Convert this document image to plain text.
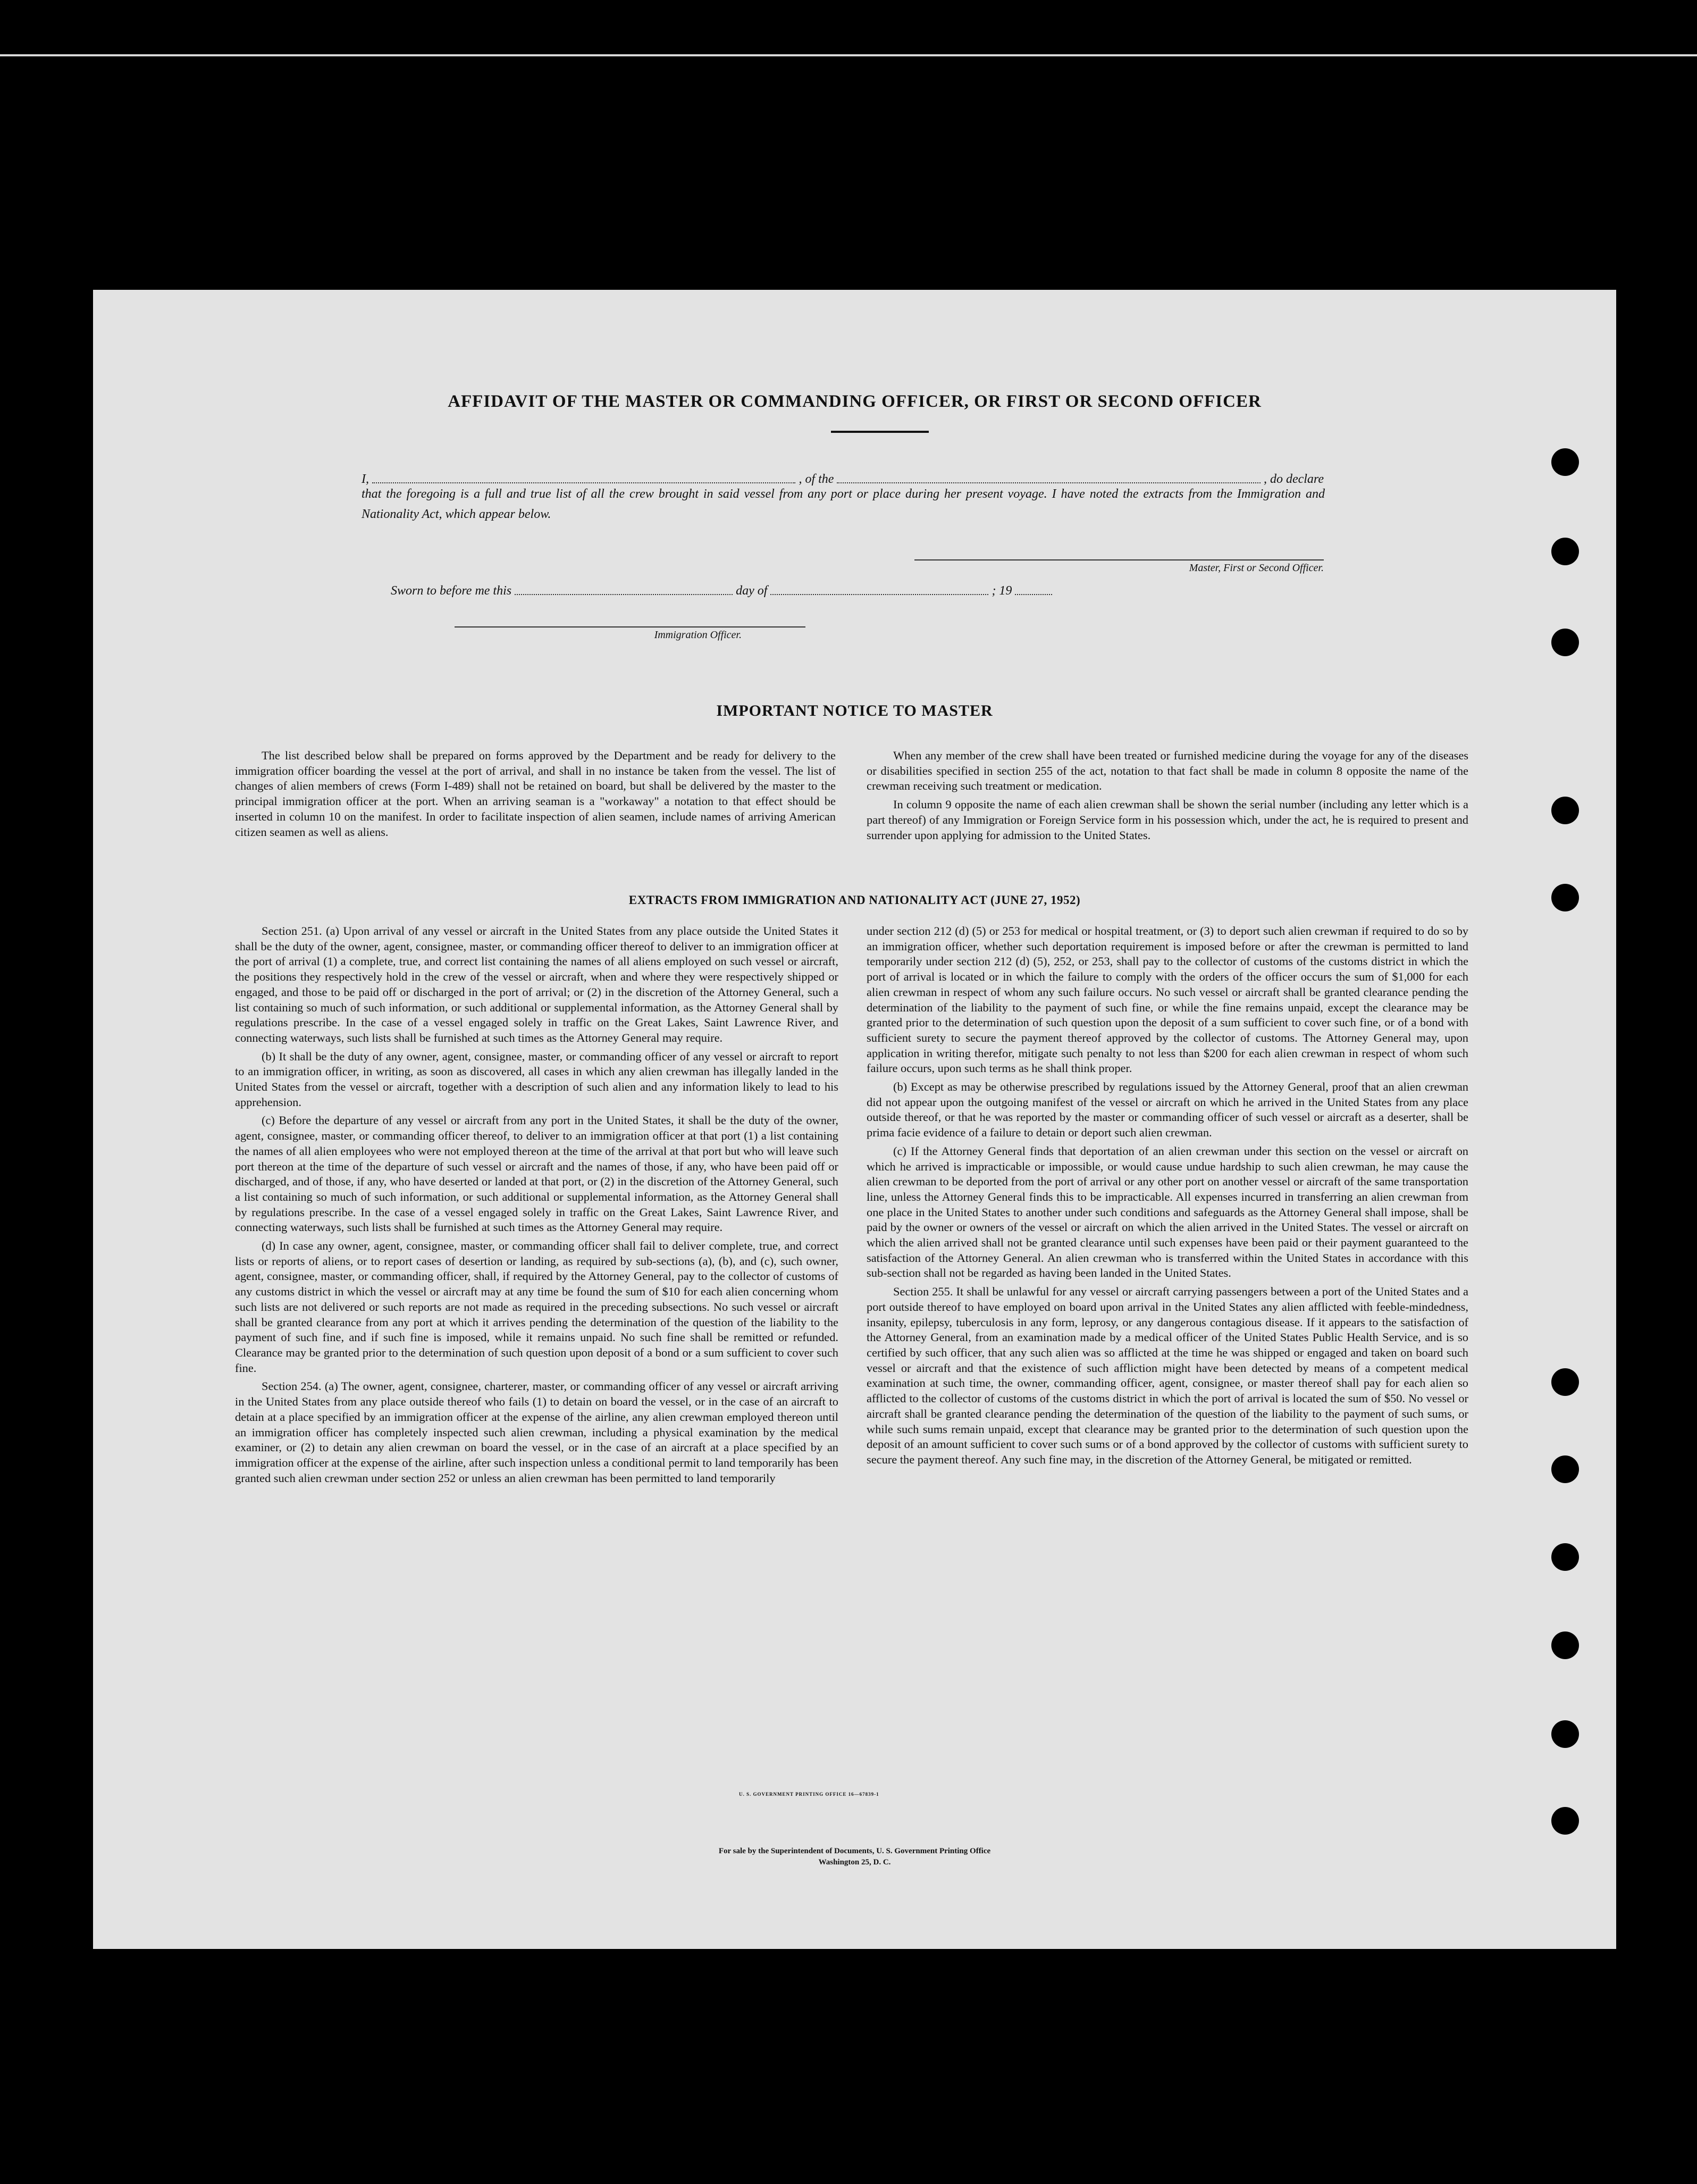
AFFIDAVIT OF THE MASTER OR COMMANDING OFFICER, OR FIRST OR SECOND OFFICER
I,	, of the	, do declare
that the foregoing is a full and true list of all the crew brought in said vessel from any port or place during her present voyage. I have noted the extracts from the Immigration and Nationality Act, which appear below.
Master, First or Second Officer.
Sworn to before me this	day of	; 19
Immigration Officer.
IMPORTANT NOTICE TO MASTER

The list described below shall be prepared on forms approved by the Department and be ready for delivery to the immigration officer boarding the vessel at the port of arrival, and shall in no instance be taken from the vessel. The list of changes of alien members of crews (Form I-489) shall not be retained on board, but shall be delivered by the master to the principal immigration officer at the port. When an arriving seaman is a "workaway" a notation to that effect should be inserted in column 10 on the manifest. In order to facilitate inspection of alien seamen, include names of arriving American citizen seamen as well as aliens.

When any member of the crew shall have been treated or furnished medicine during the voyage for any of the diseases or disabilities specified in section 255 of the act, notation to that fact shall be made in column 8 opposite the name of the crewman receiving such treatment or medication.

In column 9 opposite the name of each alien crewman shall be shown the serial number (including any letter which is a part thereof) of any Immigration or Foreign Service form in his possession which, under the act, he is required to present and surrender upon applying for admission to the United States.

EXTRACTS FROM IMMIGRATION AND NATIONALITY ACT (JUNE 27, 1952)

Section 251. (a) Upon arrival of any vessel or aircraft in the United States from any place outside the United States it shall be the duty of the owner, agent, consignee, master, or commanding officer thereof to deliver to an immigration officer at the port of arrival (1) a complete, true, and correct list containing the names of all aliens employed on such vessel or aircraft, the positions they respectively hold in the crew of the vessel or aircraft, when and where they were respectively shipped or engaged, and those to be paid off or discharged in the port of arrival; or (2) in the discretion of the Attorney General, such a list containing so much of such information, or such additional or supplemental information, as the Attorney General shall by regulations prescribe. In the case of a vessel engaged solely in traffic on the Great Lakes, Saint Lawrence River, and connecting waterways, such lists shall be furnished at such times as the Attorney General may require.

(b) It shall be the duty of any owner, agent, consignee, master, or commanding officer of any vessel or aircraft to report to an immigration officer, in writing, as soon as discovered, all cases in which any alien crewman has illegally landed in the United States from the vessel or aircraft, together with a description of such alien and any information likely to lead to his apprehension.

(c) Before the departure of any vessel or aircraft from any port in the United States, it shall be the duty of the owner, agent, consignee, master, or commanding officer thereof, to deliver to an immigration officer at that port (1) a list containing the names of all alien employees who were not employed thereon at the time of the arrival at that port but who will leave such port thereon at the time of the departure of such vessel or aircraft and the names of those, if any, who have been paid off or discharged, and of those, if any, who have deserted or landed at that port, or (2) in the discretion of the Attorney General, such a list containing so much of such information, or such additional or supplemental information, as the Attorney General shall by regulations prescribe. In the case of a vessel engaged solely in traffic on the Great Lakes, Saint Lawrence River, and connecting waterways, such lists shall be furnished at such times as the Attorney General may require.

(d) In case any owner, agent, consignee, master, or commanding officer shall fail to deliver complete, true, and correct lists or reports of aliens, or to report cases of desertion or landing, as required by sub-sections (a), (b), and (c), such owner, agent, consignee, master, or commanding officer, shall, if required by the Attorney General, pay to the collector of customs of any customs district in which the vessel or aircraft may at any time be found the sum of $10 for each alien concerning whom such lists are not delivered or such reports are not made as required in the preceding subsections. No such vessel or aircraft shall be granted clearance from any port at which it arrives pending the determination of the question of the liability to the payment of such fine, and if such fine is imposed, while it remains unpaid. No such fine shall be remitted or refunded. Clearance may be granted prior to the determination of such question upon deposit of a bond or a sum sufficient to cover such fine.

Section 254. (a) The owner, agent, consignee, charterer, master, or commanding officer of any vessel or aircraft arriving in the United States from any place outside thereof who fails (1) to detain on board the vessel, or in the case of an aircraft to detain at a place specified by an immigration officer at the expense of the airline, any alien crewman employed thereon until an immigration officer has completely inspected such alien crewman, including a physical examination by the medical examiner, or (2) to detain any alien crewman on board the vessel, or in the case of an aircraft at a place specified by an immigration officer at the expense of the airline, after such inspection unless a conditional permit to land temporarily has been granted such alien crewman under section 252 or unless an alien crewman has been permitted to land temporarily

under section 212 (d) (5) or 253 for medical or hospital treatment, or (3) to deport such alien crewman if required to do so by an immigration officer, whether such deportation requirement is imposed before or after the crewman is permitted to land temporarily under section 212 (d) (5), 252, or 253, shall pay to the collector of customs of the customs district in which the port of arrival is located or in which the failure to comply with the orders of the officer occurs the sum of $1,000 for each alien crewman in respect of whom any such failure occurs. No such vessel or aircraft shall be granted clearance pending the determination of the liability to the payment of such fine, or while the fine remains unpaid, except the clearance may be granted prior to the determination of such question upon the deposit of a sum sufficient to cover such fine, or of a bond with sufficient surety to secure the payment thereof approved by the collector of customs. The Attorney General may, upon application in writing therefor, mitigate such penalty to not less than $200 for each alien crewman in respect of whom such failure occurs, upon such terms as he shall think proper.

(b) Except as may be otherwise prescribed by regulations issued by the Attorney General, proof that an alien crewman did not appear upon the outgoing manifest of the vessel or aircraft on which he arrived in the United States from any place outside thereof, or that he was reported by the master or commanding officer of such vessel or aircraft as a deserter, shall be prima facie evidence of a failure to detain or deport such alien crewman.

(c) If the Attorney General finds that deportation of an alien crewman under this section on the vessel or aircraft on which he arrived is impracticable or impossible, or would cause undue hardship to such alien crewman, he may cause the alien crewman to be deported from the port of arrival or any other port on another vessel or aircraft of the same transportation line, unless the Attorney General finds this to be impracticable. All expenses incurred in transferring an alien crewman from one place in the United States to another under such conditions and safeguards as the Attorney General shall impose, shall be paid by the owner or owners of the vessel or aircraft on which the alien arrived in the United States. The vessel or aircraft on which the alien arrived shall not be granted clearance until such expenses have been paid or their payment guaranteed to the satisfaction of the Attorney General. An alien crewman who is transferred within the United States in accordance with this sub-section shall not be regarded as having been landed in the United States.

Section 255. It shall be unlawful for any vessel or aircraft carrying passengers between a port of the United States and a port outside thereof to have employed on board upon arrival in the United States any alien afflicted with feeble-mindedness, insanity, epilepsy, tuberculosis in any form, leprosy, or any dangerous contagious disease. If it appears to the satisfaction of the Attorney General, from an examination made by a medical officer of the United States Public Health Service, and is so certified by such officer, that any such alien was so afflicted at the time he was shipped or engaged and taken on board such vessel or aircraft and that the existence of such affliction might have been detected by means of a competent medical examination at such time, the owner, commanding officer, agent, consignee, or master thereof shall pay for each alien so afflicted to the collector of customs of the customs district in which the port of arrival is located the sum of $50. No vessel or aircraft shall be granted clearance pending the determination of the question of the liability to the payment of such sums, or while such sums remain unpaid, except that clearance may be granted prior to the determination of such question upon the deposit of an amount sufficient to cover such sums or of a bond approved by the collector of customs with sufficient surety to secure the payment thereof. Any such fine may, in the discretion of the Attorney General, be mitigated or remitted.

U. S. GOVERNMENT PRINTING OFFICE 16—67839-1
For sale by the Superintendent of Documents, U. S. Government Printing Office
Washington 25, D. C.
